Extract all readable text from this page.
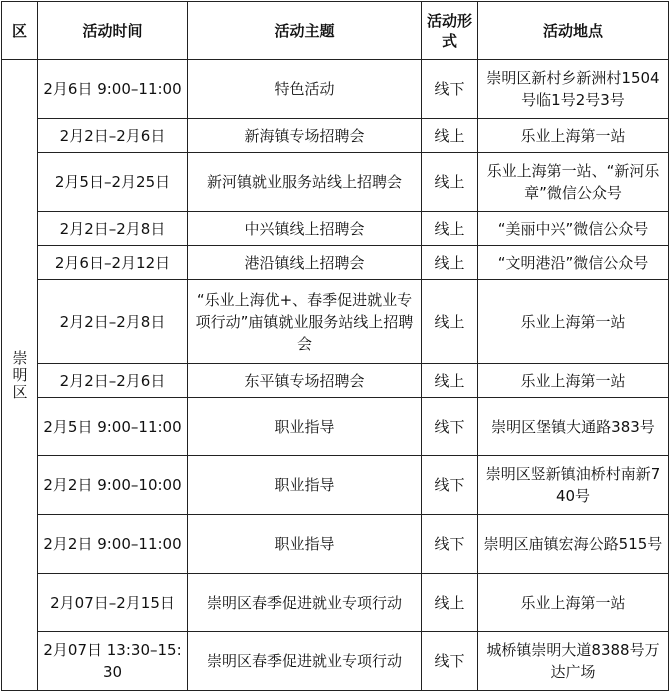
区	活动时间	活动主题	活动形式	活动地点
崇明区	2月6日 9:00–11:00	特色活动	线下	崇明区新村乡新洲村1504号临1号2号3号
	2月2日–2月6日	新海镇专场招聘会	线上	乐业上海第一站
	2月5日–2月25日	新河镇就业服务站线上招聘会	线上	乐业上海第一站、“新河乐章”微信公众号
	2月2日–2月8日	中兴镇线上招聘会	线上	“美丽中兴”微信公众号
	2月6日–2月12日	港沿镇线上招聘会	线上	“文明港沿”微信公众号
	2月2日–2月8日	“乐业上海优+、春季促进就业专项行动”庙镇就业服务站线上招聘会	线上	乐业上海第一站
	2月2日–2月6日	东平镇专场招聘会	线上	乐业上海第一站
	2月5日 9:00–11:00	职业指导	线下	崇明区堡镇大通路383号
	2月2日 9:00–10:00	职业指导	线下	崇明区竖新镇油桥村南新740号
	2月2日 9:00–11:00	职业指导	线下	崇明区庙镇宏海公路515号
	2月07日–2月15日	崇明区春季促进就业专项行动	线上	乐业上海第一站
	2月07日 13:30–15:30	崇明区春季促进就业专项行动	线下	城桥镇崇明大道8388号万达广场
